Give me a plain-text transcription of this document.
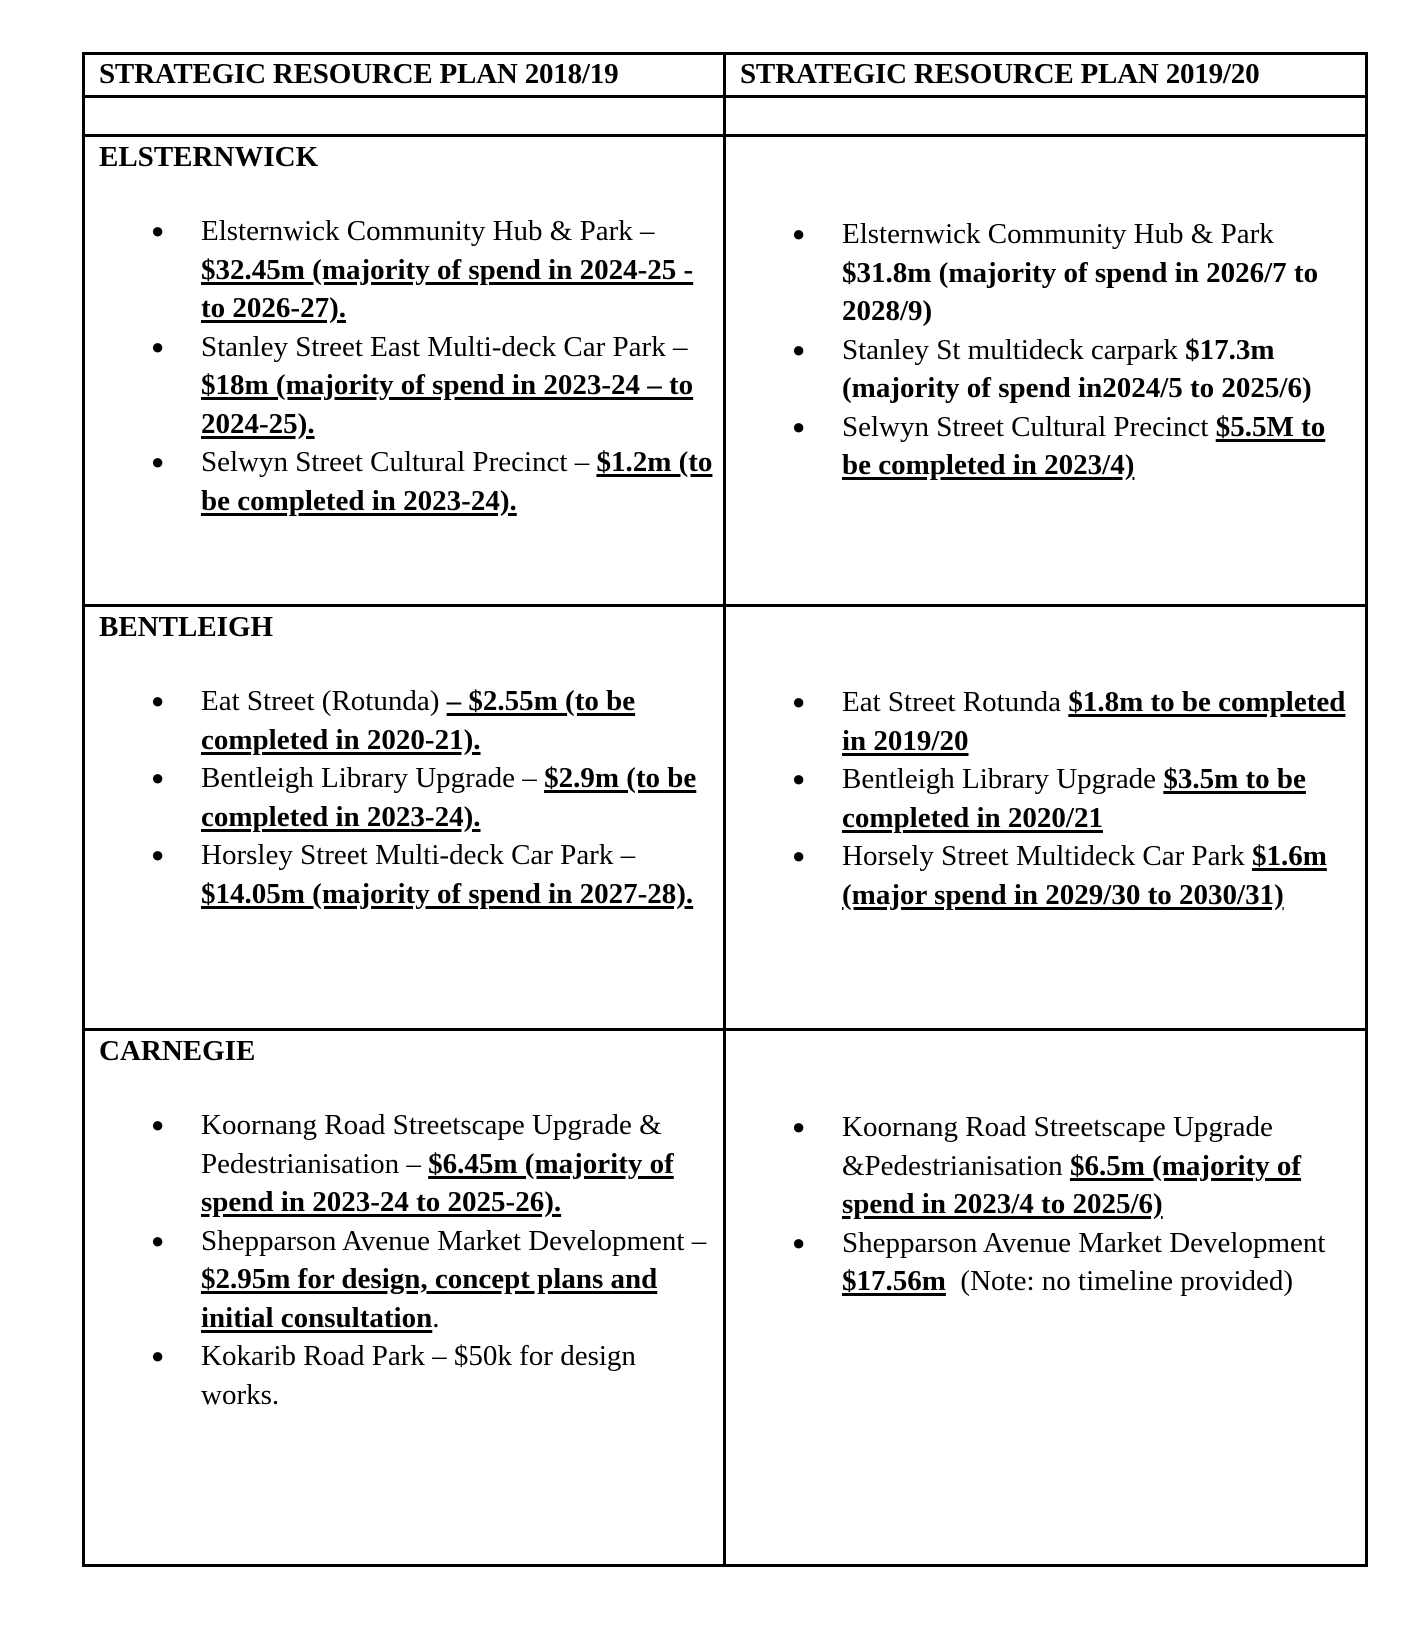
STRATEGIC RESOURCE PLAN 2018/19	STRATEGIC RESOURCE PLAN 2019/20
ELSTERNWICK
● Elsternwick Community Hub & Park – $32.45m (majority of spend in 2024-25 -to 2026-27).
● Stanley Street East Multi-deck Car Park – $18m (majority of spend in 2023-24 – to 2024-25).
● Selwyn Street Cultural Precinct – $1.2m (to be completed in 2023-24).
● Elsternwick Community Hub & Park $31.8m (majority of spend in 2026/7 to 2028/9)
● Stanley St multideck carpark $17.3m (majority of spend in2024/5 to 2025/6)
● Selwyn Street Cultural Precinct $5.5M to be completed in 2023/4)
BENTLEIGH
● Eat Street (Rotunda) – $2.55m (to be completed in 2020-21).
● Bentleigh Library Upgrade – $2.9m (to be completed in 2023-24).
● Horsley Street Multi-deck Car Park – $14.05m (majority of spend in 2027-28).
● Eat Street Rotunda $1.8m to be completed in 2019/20
● Bentleigh Library Upgrade $3.5m to be completed in 2020/21
● Horsely Street Multideck Car Park $1.6m (major spend in 2029/30 to 2030/31)
CARNEGIE
● Koornang Road Streetscape Upgrade & Pedestrianisation – $6.45m (majority of spend in 2023-24 to 2025-26).
● Shepparson Avenue Market Development – $2.95m for design, concept plans and initial consultation.
● Kokarib Road Park – $50k for design works.
● Koornang Road Streetscape Upgrade &Pedestrianisation $6.5m (majority of spend in 2023/4 to 2025/6)
● Shepparson Avenue Market Development $17.56m  (Note: no timeline provided)
